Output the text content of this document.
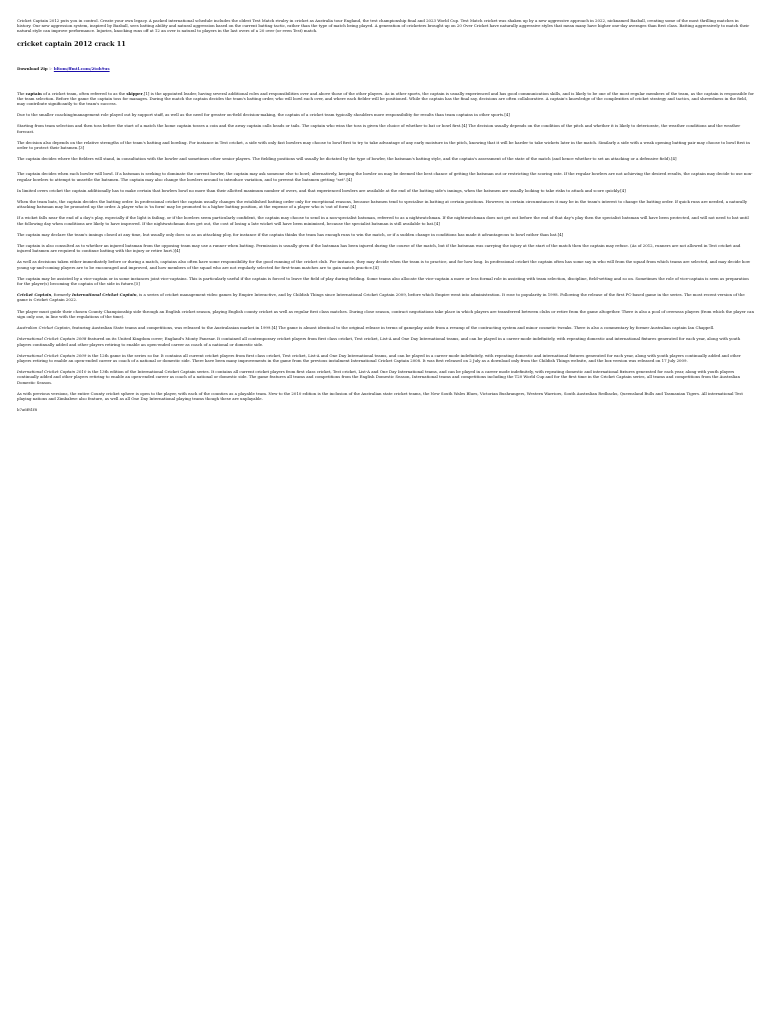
Cricket Captain 2012 puts you in control. Create your own legacy. A packed international schedule includes the oldest Test Match rivalry in cricket as Australia tour England, the test championship final and 2023 World Cup. Test Match cricket was shaken up by a new aggressive approach in 2022, nicknamed Bazball, creating some of the most thrilling matches in history. Our new aggression system, inspired by Bazball, sees batting ability and natural aggression based on the current batting tactic, rather than the type of match being played. A generation of cricketers brought up on 20 Over Cricket have naturally aggressive styles that mean many have higher one-day averages than first class. Batting aggressively to match their natural style can improve performance. Injuries, knocking runs off at 12 an over is natural to players in the last overs of a 20 over (or even Test) match.

cricket captain 2012 crack 11

Download Zip ☞ bltom/ffmtl.com/2toh9us

The captain of a cricket team, often referred to as the skipper,[1] is the appointed leader, having several additional roles and responsibilities over and above those of the other players. As in other sports, the captain is usually experienced and has good communication skills, and is likely to be one of the most regular members of the team, as the captain is responsible for the team selection. Before the game the captain toss for manages. During the match the captain decides the team's batting order, who will bowl each over, and where each fielder will be positioned. While the captain has the final say, decisions are often collaborative. A captain's knowledge of the complexities of cricket strategy and tactics, and shrewdness in the field, may contribute significantly to the team's success.

Due to the smaller coaching/management role played out by support staff, as well as the need for greater on-field decision-making, the captain of a cricket team typically shoulders more responsibility for results than team captains in other sports.[4]

Starting from team selection and then toss before the start of a match the home captain tosses a coin and the away captain calls heads or tails. The captain who wins the toss is given the choice of whether to bat or bowl first.[4] The decision usually depends on the condition of the pitch and whether it is likely to deteriorate, the weather conditions and the weather forecast.

The decision also depends on the relative strengths of the team's batting and bowling. For instance in Test cricket, a side with only fast bowlers may choose to bowl first to try to take advantage of any early moisture in the pitch, knowing that it will be harder to take wickets later in the match. Similarly a side with a weak opening batting pair may choose to bowl first in order to protect their batsmen.[3]

The captain decides where the fielders will stand, in consultation with the bowler and sometimes other senior players. The fielding positions will usually be dictated by the type of bowler, the batsman's batting style, and the captain's assessment of the state of the match (and hence whether to set an attacking or a defensive field).[4]

The captain decides when each bowler will bowl. If a batsman is seeking to dominate the current bowler, the captain may ask someone else to bowl; alternatively, keeping the bowler on may be deemed the best chance of getting the batsman out or restricting the scoring rate. If the regular bowlers are not achieving the desired results, the captain may decide to use non-regular bowlers to attempt to unsettle the batsmen. The captain may also change the bowlers around to introduce variation, and to prevent the batsmen getting "set".[4]

In limited overs cricket the captain additionally has to make certain that bowlers bowl no more than their allotted maximum number of overs, and that experienced bowlers are available at the end of the batting side's innings, when the batsmen are usually looking to take risks to attack and score quickly.[4]

When the team bats, the captain decides the batting order. In professional cricket the captain usually changes the established batting order only for exceptional reasons, because batsmen tend to specialise in batting at certain positions. However, in certain circumstances it may be in the team's interest to change the batting order. If quick runs are needed, a naturally attacking batsman may be promoted up the order. A player who is 'in form' may be promoted to a higher batting position, at the expense of a player who is 'out of form'.[4]

If a wicket falls near the end of a day's play, especially if the light is failing, or if the bowlers seem particularly confident, the captain may choose to send in a non-specialist batsman, referred to as a nightwatchman. If the nightwatchman does not get out before the end of that day's play then the specialist batsman will have been protected, and will not need to bat until the following day when conditions are likely to have improved. If the nightwatchman does get out, the cost of losing a late wicket will have been minimised, because the specialist batsman is still available to bat.[4]

The captain may declare the team's innings closed at any time, but usually only does so as an attacking ploy, for instance if the captain thinks the team has enough runs to win the match, or if a sudden change in conditions has made it advantageous to bowl rather than bat.[4]

The captain is also consulted as to whether an injured batsman from the opposing team may use a runner when batting. Permission is usually given if the batsman has been injured during the course of the match, but if the batsman was carrying the injury at the start of the match then the captain may refuse. (As of 2012, runners are not allowed in Test cricket and injured batsmen are required to continue batting with the injury or retire hurt.)[4]

As well as decisions taken either immediately before or during a match, captains also often have some responsibility for the good running of the cricket club. For instance, they may decide when the team is to practice, and for how long. In professional cricket the captain often has some say in who will from the squad from which teams are selected, and may decide how young up-and-coming players are to be encouraged and improved, and how members of the squad who are not regularly selected for first-team matches are to gain match practice.[4]

The captain may be assisted by a vice-captain or in some instances joint vice-captains. This is particularly useful if the captain is forced to leave the field of play during fielding. Some teams also allocate the vice-captain a more or less formal role in assisting with team selection, discipline, field-setting and so on. Sometimes the role of vice-captain is seen as preparation for the player(s) becoming the captain of the side in future.[5]

Cricket Captain, formerly International Cricket Captain, is a series of cricket management video games by Empire Interactive, and by Childish Things since International Cricket Captain 2009, before which Empire went into administration. It rose to popularity in 1998. Following the release of the first PC-based game in the series. The most recent version of the game is Cricket Captain 2022.

The player must guide their chosen County Championship side through an English cricket season, playing English county cricket as well as regular first class matches. During close season, contract negotiations take place in which players are transferred between clubs or retire from the game altogether. There is also a pool of overseas players (from which the player can sign only one, in line with the regulations of the time).

Australian Cricket Captain, featuring Australian State teams and competitions, was released to the Australasian market in 1999.[4] The game is almost identical to the original release in terms of gameplay aside from a revamp of the contracting system and minor cosmetic tweaks. There is also a commentary by former Australian captain Ian Chappell.

International Cricket Captain 2008 featured on its United Kingdom cover; England's Monty Panesar. It contained all contemporary cricket players from first class cricket, Test cricket, List-A and One Day International teams, and can be played in a career mode indefinitely, with repeating domestic and international fixtures generated for each year, along with youth players continually added and other players retiring to enable an open-ended career as coach of a national or domestic side.

International Cricket Captain 2009 is the 12th game in the series so far. It contains all current cricket players from first class cricket, Test cricket, List-A and One Day International teams, and can be played in a career mode indefinitely, with repeating domestic and international fixtures generated for each year, along with youth players continually added and other players retiring to enable an open-ended career as coach of a national or domestic side. There have been many improvements in the game from the previous instalment International Cricket Captain 2008. It was first released on 2 July as a download only from the Childish Things website, and the box version was released on 17 July 2009.

International Cricket Captain 2010 is the 13th edition of the International Cricket Captain series. It contains all current cricket players from first class cricket, Test cricket, List-A and One Day International teams, and can be played in a career mode indefinitely, with repeating domestic and international fixtures generated for each year, along with youth players continually added and other players retiring to enable an open-ended career as coach of a national or domestic side. The game features all teams and competitions from the English Domestic Season, International teams and competitions including the T20 World Cup and for the first time in the Cricket Captain series, all teams and competitions from the Australian Domestic Season.

As with previous versions, the entire County cricket sphere is open to the player, with each of the counties as a playable team. New to the 2010 edition is the inclusion of the Australian state cricket teams, the New South Wales Blues, Victorian Bushrangers, Western Warriors, South Australian Redbacks, Queensland Bulls and Tasmanian Tigers. All international Test playing nations and Zimbabwe also feature, as well as all One Day International playing teams though these are unplayable.

b7a6f81f8
